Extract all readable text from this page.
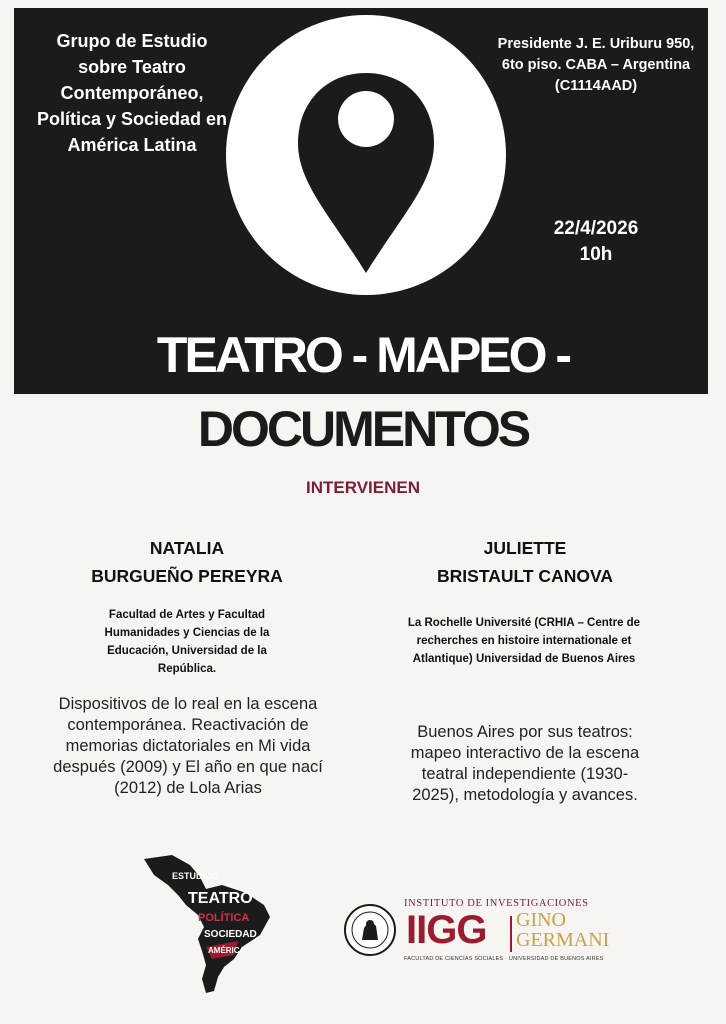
Grupo de Estudio sobre Teatro Contemporáneo, Política y Sociedad en América Latina
Presidente J. E. Uriburu 950, 6to piso. CABA – Argentina (C1114AAD)
22/4/2026
10h
TEATRO - MAPEO -
DOCUMENTOS
INTERVIENEN
NATALIA
BURGUEÑO PEREYRA
Facultad de Artes y Facultad Humanidades y Ciencias de la Educación, Universidad de la República.
Dispositivos de lo real en la escena contemporánea. Reactivación de memorias dictatoriales en Mi vida después (2009) y El año en que nací (2012) de Lola Arias
JULIETTE
BRISTAULT CANOVA
La Rochelle Université (CRHIA – Centre de recherches en histoire internationale et Atlantique) Universidad de Buenos Aires
Buenos Aires por sus teatros: mapeo interactivo de la escena teatral independiente (1930-2025), metodología y avances.
ESTUDIOS
TEATRO
POLÍTICA
SOCIEDAD
AMÉRICA
INSTITUTO DE INVESTIGACIONES
IIGG GINO
GERMANI
FACULTAD DE CIENCIAS SOCIALES · UNIVERSIDAD DE BUENOS AIRES
